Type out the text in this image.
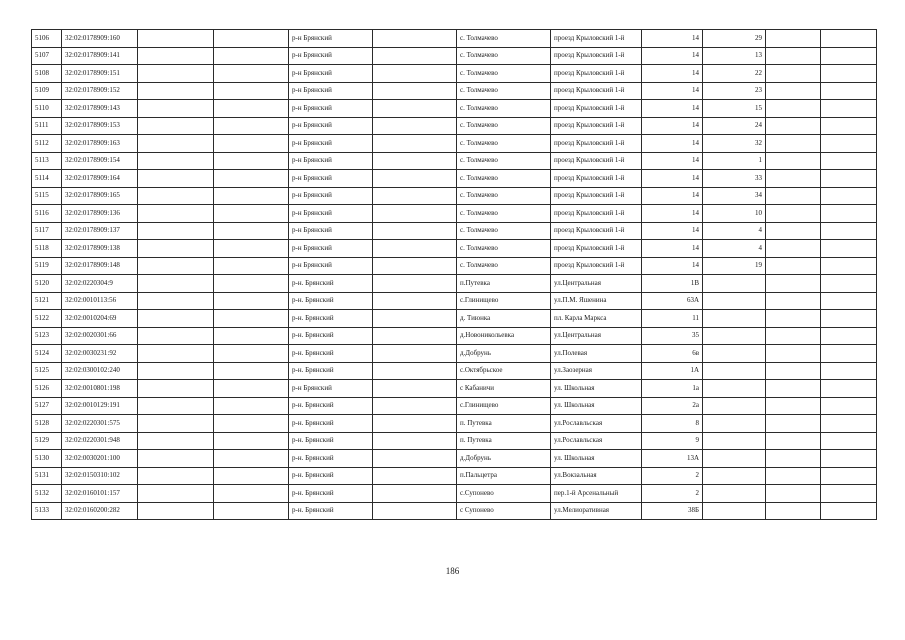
5106	32:02:0178909:160			р-н Брянский		с. Толмачево	проезд Крыловский 1-й	14	29		
5107	32:02:0178909:141			р-н Брянский		с. Толмачево	проезд Крыловский 1-й	14	13		
5108	32:02:0178909:151			р-н Брянский		с. Толмачево	проезд Крыловский 1-й	14	22		
5109	32:02:0178909:152			р-н Брянский		с. Толмачево	проезд Крыловский 1-й	14	23		
5110	32:02:0178909:143			р-н Брянский		с. Толмачево	проезд Крыловский 1-й	14	15		
5111	32:02:0178909:153			р-н Брянский		с. Толмачево	проезд Крыловский 1-й	14	24		
5112	32:02:0178909:163			р-н Брянский		с. Толмачево	проезд Крыловский 1-й	14	32		
5113	32:02:0178909:154			р-н Брянский		с. Толмачево	проезд Крыловский 1-й	14	1		
5114	32:02:0178909:164			р-н Брянский		с. Толмачево	проезд Крыловский 1-й	14	33		
5115	32:02:0178909:165			р-н Брянский		с. Толмачево	проезд Крыловский 1-й	14	34		
5116	32:02:0178909:136			р-н Брянский		с. Толмачево	проезд Крыловский 1-й	14	10		
5117	32:02:0178909:137			р-н Брянский		с. Толмачево	проезд Крыловский 1-й	14	4		
5118	32:02:0178909:138			р-н Брянский		с. Толмачево	проезд Крыловский 1-й	14	4		
5119	32:02:0178909:148			р-н Брянский		с. Толмачево	проезд Крыловский 1-й	14	19		
5120	32:02:0220304:9			р-н. Брянский		п.Путевка	ул.Центральная	1В			
5121	32:02:0010113:56			р-н. Брянский		с.Глинищево	ул.П.М. Яшенина	63А			
5122	32:02:0010204:69			р-н. Брянский		д. Тиюнка	пл. Карла Маркса	11			
5123	32:02:0020301:66			р-н. Брянский		д.Новоникольевка	ул.Центральная	35			
5124	32:02:0030231:92			р-н. Брянский		д.Добрунь	ул.Полевая	6в			
5125	32:02:0300102:240			р-н. Брянский		с.Октябрьское	ул.Заозерная	1А			
5126	32:02:0010801:198			р-н Брянский		с Кабаничи	ул. Школьная	1а			
5127	32:02:0010129:191			р-н. Брянский		с.Глинищево	ул. Школьная	2а			
5128	32:02:0220301:575			р-н. Брянский		п. Путевка	ул.Рославльская	8			
5129	32:02:0220301:948			р-н. Брянский		п. Путевка	ул.Рославльская	9			
5130	32:02:0030201:100			р-н. Брянский		д.Добрунь	ул. Школьная	13А			
5131	32:02:0150310:102			р-н. Брянский		п.Пальцетра	ул.Вокзальная	2			
5132	32:02:0160101:157			р-н. Брянский		с.Супонево	пер.1-й Арсенальный	2			
5133	32:02:0160200:282			р-н. Брянский		с Супонево	ул.Мелиоративная	38Б			
186
